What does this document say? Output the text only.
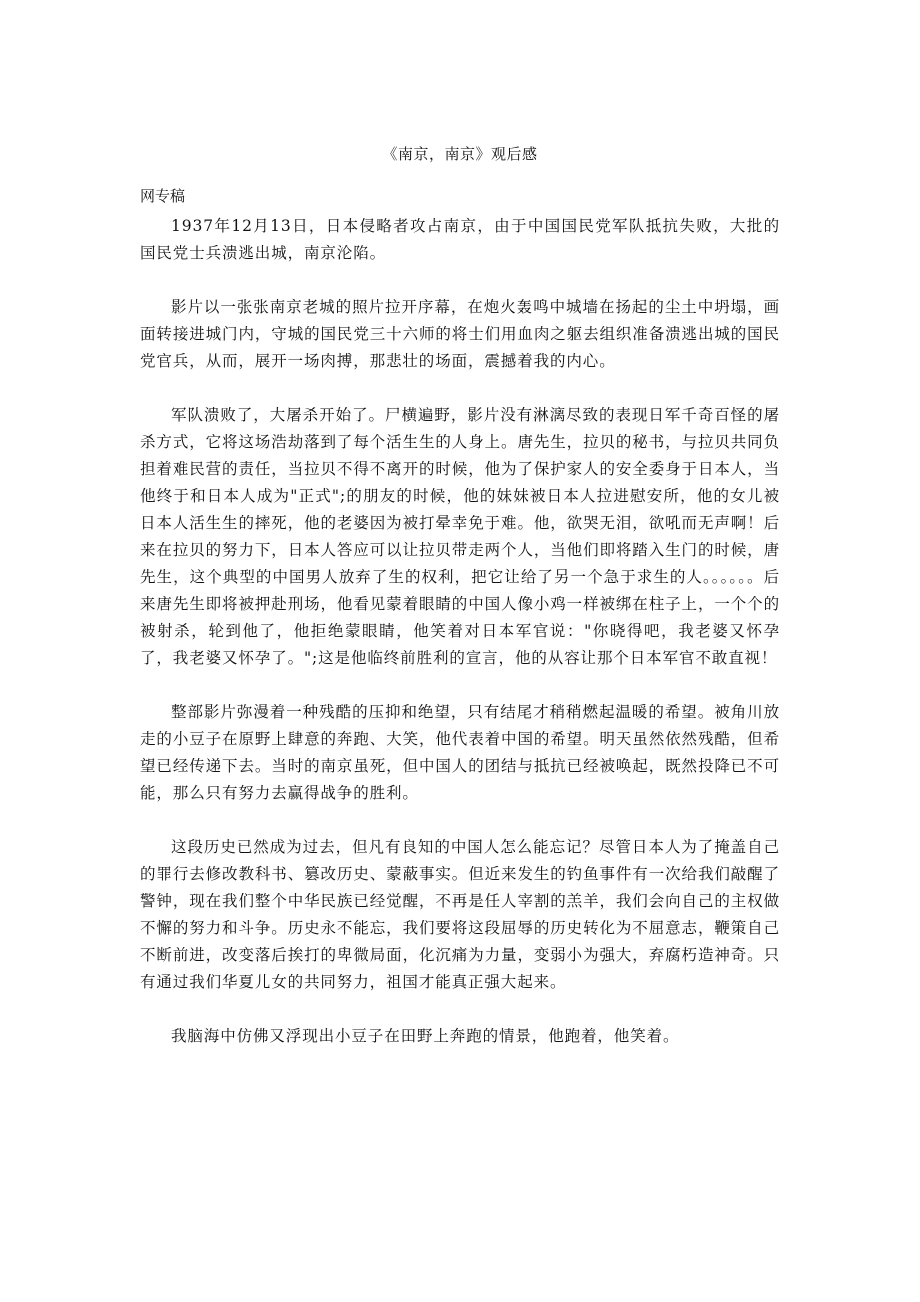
《南京，南京》观后感
网专稿

1937年12月13日，日本侵略者攻占南京，由于中国国民党军队抵抗失败，大批的国民党士兵溃逃出城，南京沦陷。

影片以一张张南京老城的照片拉开序幕，在炮火轰鸣中城墙在扬起的尘土中坍塌，画面转接进城门内，守城的国民党三十六师的将士们用血肉之躯去组织准备溃逃出城的国民党官兵，从而，展开一场肉搏，那悲壮的场面，震撼着我的内心。

军队溃败了，大屠杀开始了。尸横遍野，影片没有淋漓尽致的表现日军千奇百怪的屠杀方式，它将这场浩劫落到了每个活生生的人身上。唐先生，拉贝的秘书，与拉贝共同负担着难民营的责任，当拉贝不得不离开的时候，他为了保护家人的安全委身于日本人，当他终于和日本人成为"正式";的朋友的时候，他的妹妹被日本人拉进慰安所，他的女儿被日本人活生生的摔死，他的老婆因为被打晕幸免于难。他，欲哭无泪，欲吼而无声啊！后来在拉贝的努力下，日本人答应可以让拉贝带走两个人，当他们即将踏入生门的时候，唐先生，这个典型的中国男人放弃了生的权利，把它让给了另一个急于求生的人。。。。。。后来唐先生即将被押赴刑场，他看见蒙着眼睛的中国人像小鸡一样被绑在柱子上，一个个的被射杀，轮到他了，他拒绝蒙眼睛，他笑着对日本军官说："你晓得吧，我老婆又怀孕了，我老婆又怀孕了。";这是他临终前胜利的宣言，他的从容让那个日本军官不敢直视！

整部影片弥漫着一种残酷的压抑和绝望，只有结尾才稍稍燃起温暖的希望。被角川放走的小豆子在原野上肆意的奔跑、大笑，他代表着中国的希望。明天虽然依然残酷，但希望已经传递下去。当时的南京虽死，但中国人的团结与抵抗已经被唤起，既然投降已不可能，那么只有努力去赢得战争的胜利。

这段历史已然成为过去，但凡有良知的中国人怎么能忘记？尽管日本人为了掩盖自己的罪行去修改教科书、篡改历史、蒙蔽事实。但近来发生的钓鱼事件有一次给我们敲醒了警钟，现在我们整个中华民族已经觉醒，不再是任人宰割的羔羊，我们会向自己的主权做不懈的努力和斗争。历史永不能忘，我们要将这段屈辱的历史转化为不屈意志，鞭策自己不断前进，改变落后挨打的卑微局面，化沉痛为力量，变弱小为强大，弃腐朽造神奇。只有通过我们华夏儿女的共同努力，祖国才能真正强大起来。

我脑海中仿佛又浮现出小豆子在田野上奔跑的情景，他跑着，他笑着。
